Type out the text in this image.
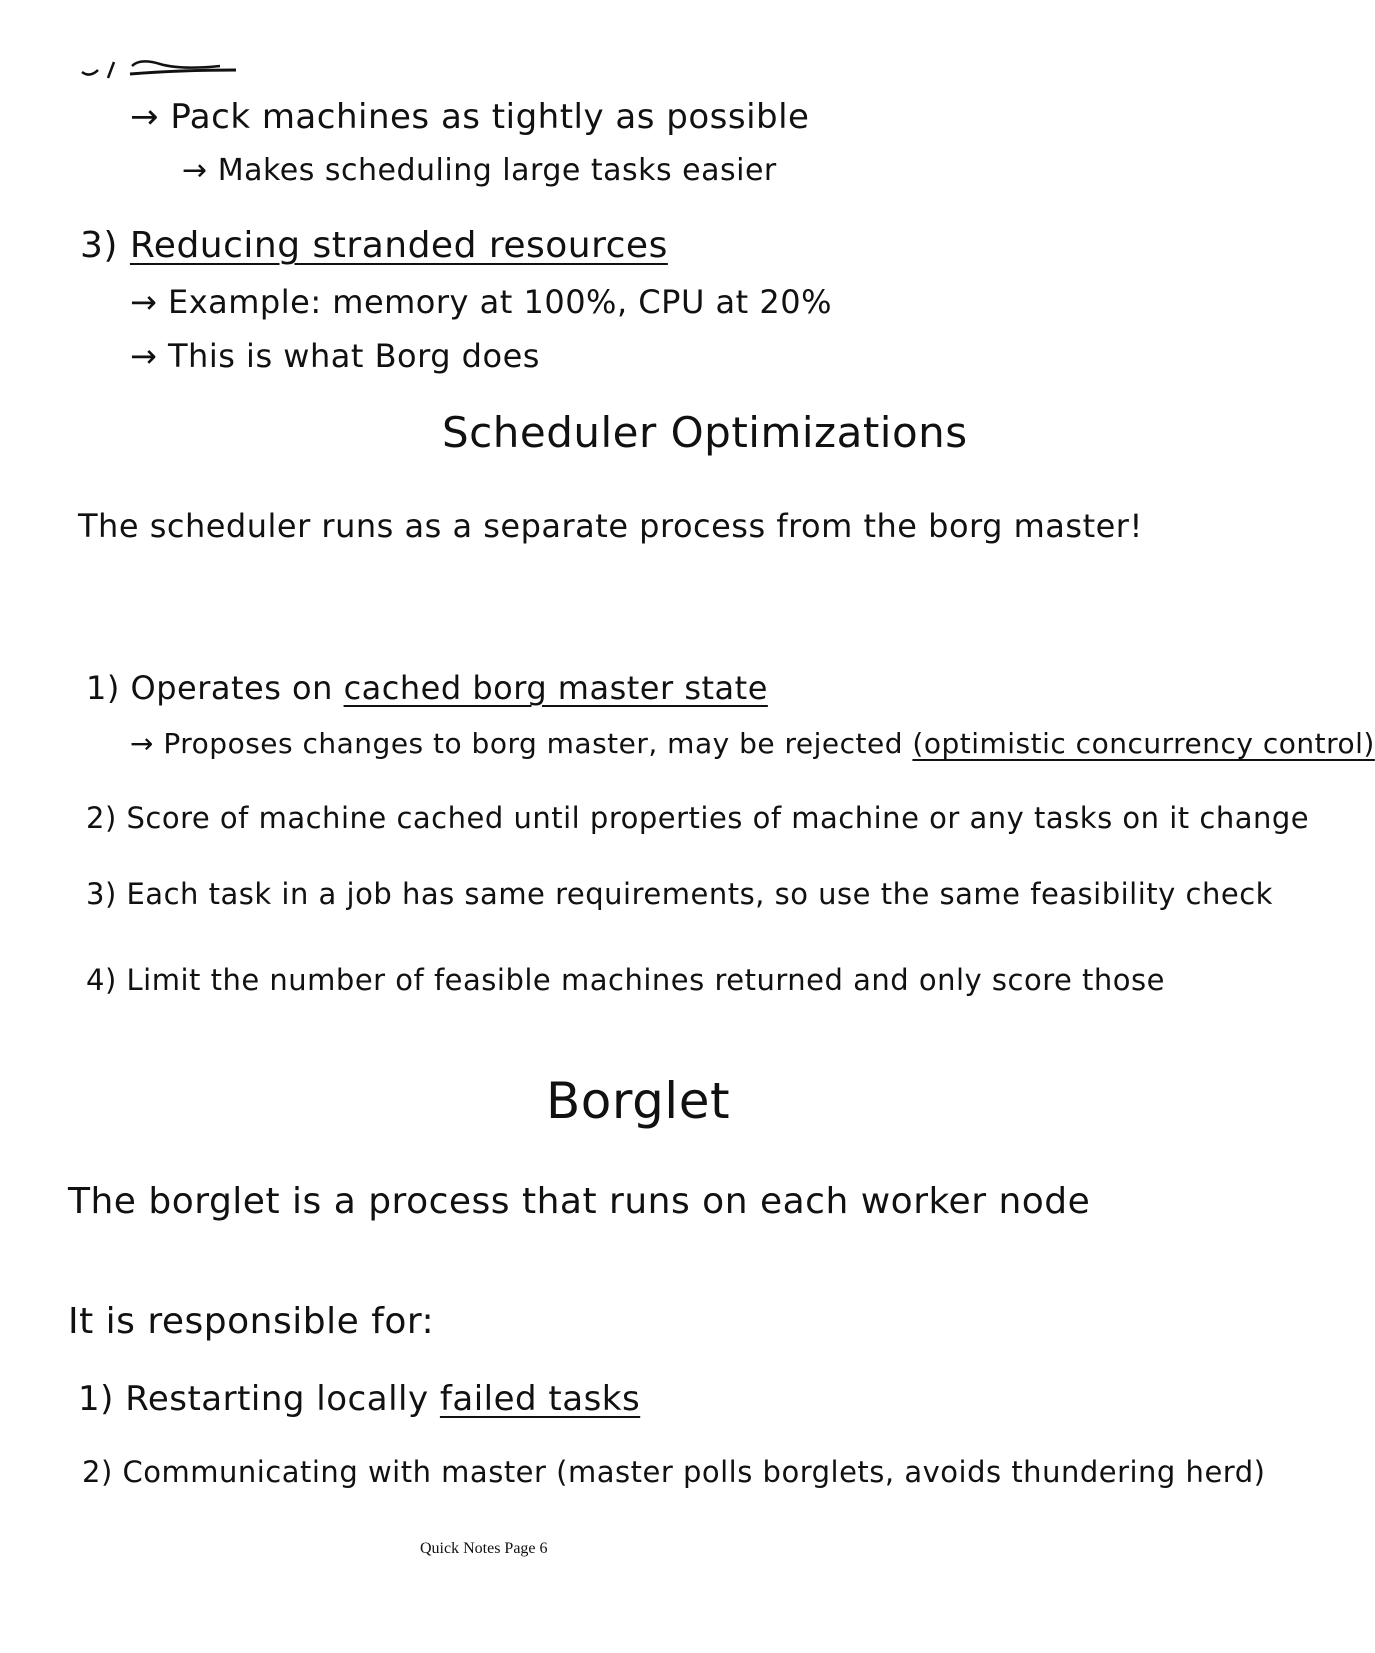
→ Pack machines as tightly as possible
→ Makes scheduling large tasks easier
3) Reducing stranded resources
→ Example: memory at 100%, CPU at 20%
→ This is what Borg does
Scheduler Optimizations
The scheduler runs as a separate process from the borg master!
1) Operates on cached borg master state
→ Proposes changes to borg master, may be rejected (optimistic concurrency control)
2) Score of machine cached until properties of machine or any tasks on it change
3) Each task in a job has same requirements, so use the same feasibility check
4) Limit the number of feasible machines returned and only score those
Borglet
The borglet is a process that runs on each worker node
It is responsible for:
1) Restarting locally failed tasks
2) Communicating with master (master polls borglets, avoids thundering herd)
Quick Notes Page 6
